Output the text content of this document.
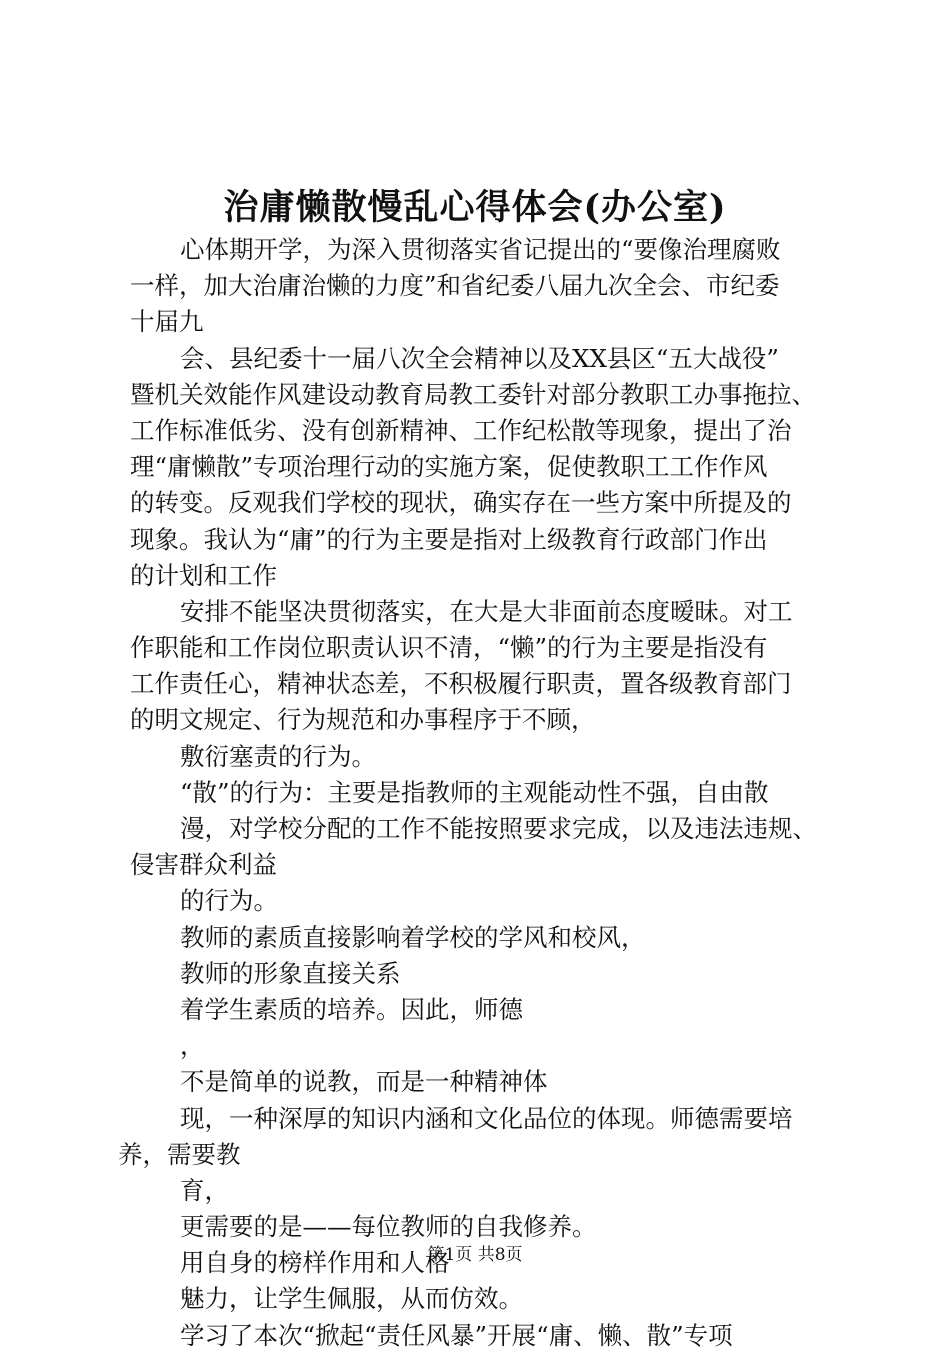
治庸懒散慢乱心得体会(办公室)
心体期开学，为深入贯彻落实省记提出的“要像治理腐败
一样，加大治庸治懒的力度”和省纪委八届九次全会、市纪委
十届九
会、县纪委十一届八次全会精神以及XX县区“五大战役”
暨机关效能作风建设动教育局教工委针对部分教职工办事拖拉、
工作标准低劣、没有创新精神、工作纪松散等现象，提出了治
理“庸懒散”专项治理行动的实施方案，促使教职工工作作风
的转变。反观我们学校的现状，确实存在一些方案中所提及的
现象。我认为“庸”的行为主要是指对上级教育行政部门作出
的计划和工作
安排不能坚决贯彻落实，在大是大非面前态度暧昧。对工
作职能和工作岗位职责认识不清，“懒”的行为主要是指没有
工作责任心，精神状态差，不积极履行职责，置各级教育部门
的明文规定、行为规范和办事程序于不顾，
敷衍塞责的行为。
“散”的行为：主要是指教师的主观能动性不强，自由散
漫，对学校分配的工作不能按照要求完成，以及违法违规、
侵害群众利益
的行为。
教师的素质直接影响着学校的学风和校风，
教师的形象直接关系
着学生素质的培养。因此，师德
，
不是简单的说教，而是一种精神体
现，一种深厚的知识内涵和文化品位的体现。师德需要培
养，需要教
育，
更需要的是——每位教师的自我修养。
用自身的榜样作用和人格
魅力，让学生佩服，从而仿效。
学习了本次“掀起“责任风暴”开展“庸、懒、散”专项
第1页 共8页
